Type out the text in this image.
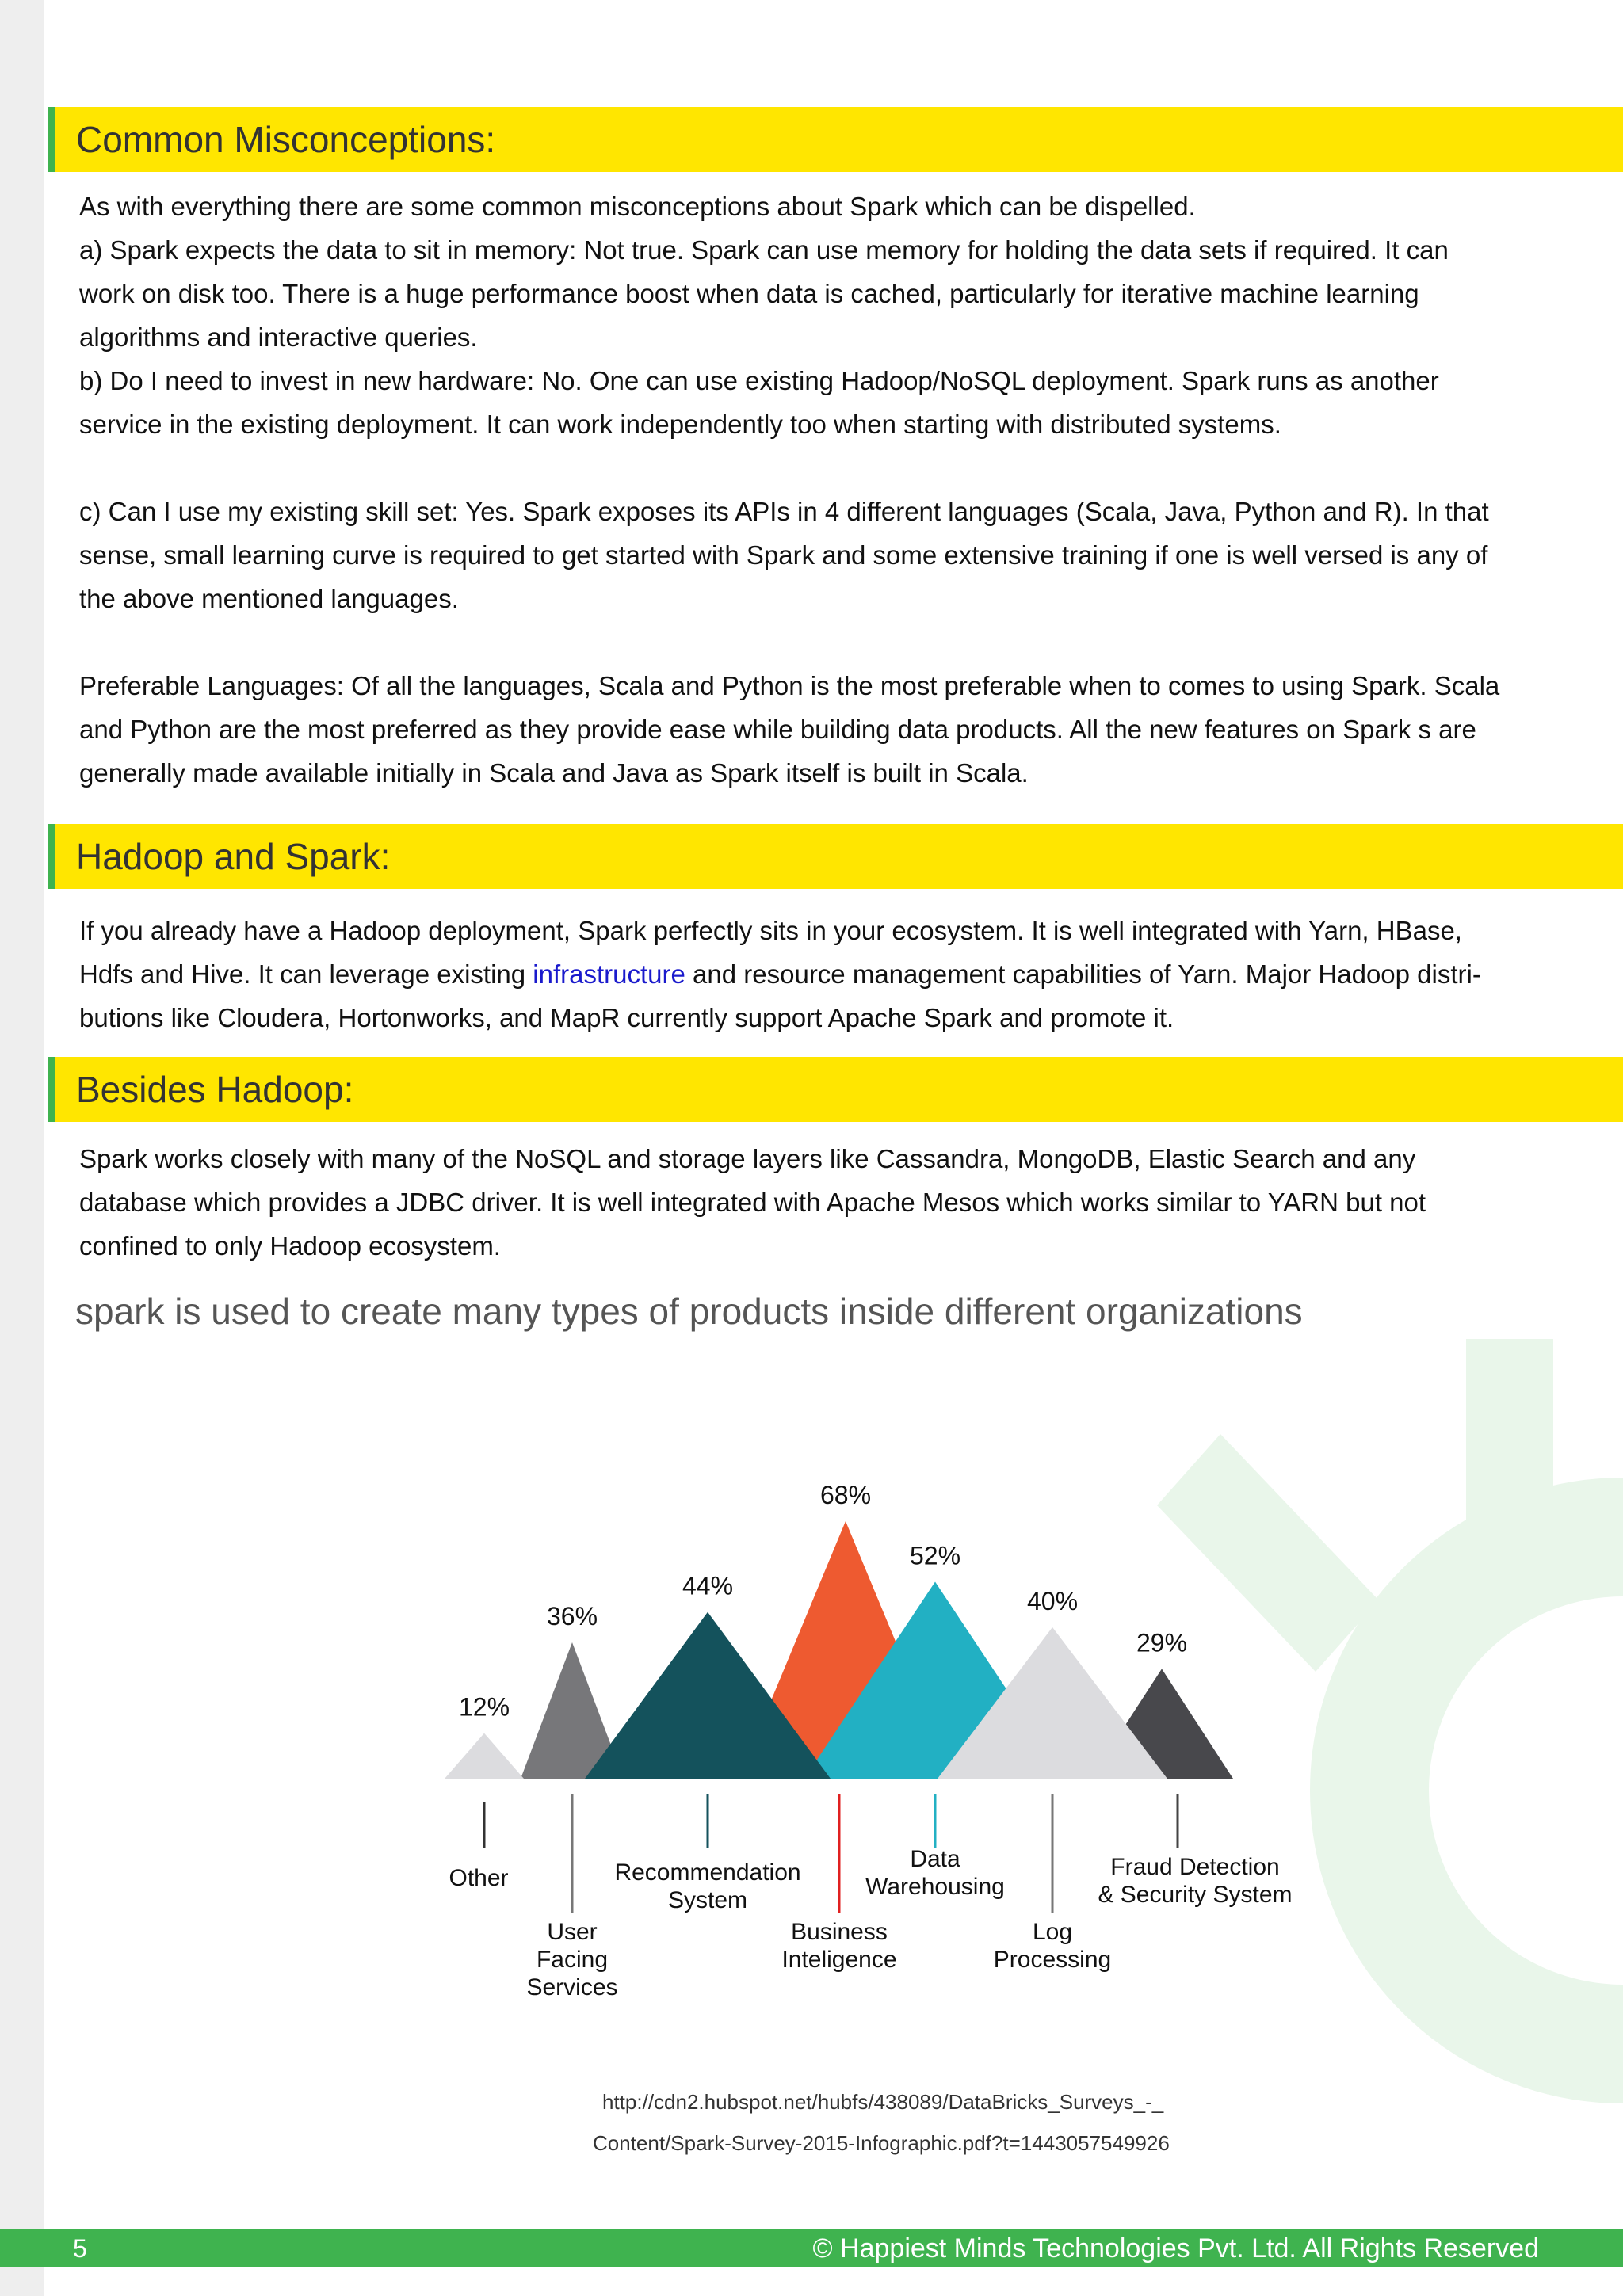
Common Misconceptions:

As with everything there are some common misconceptions about Spark which can be dispelled.

a) Spark expects the data to sit in memory: Not true. Spark can use memory for holding the data sets if required. It can

work on disk too. There is a huge performance boost when data is cached, particularly for iterative machine learning

algorithms and interactive queries.

b) Do I need to invest in new hardware: No. One can use existing Hadoop/NoSQL deployment. Spark runs as another

service in the existing deployment. It can work independently too when starting with distributed systems.

c) Can I use my existing skill set: Yes. Spark exposes its APIs in 4 different languages (Scala, Java, Python and R). In that

sense, small learning curve is required to get started with Spark and some extensive training if one is well versed is any of

the above mentioned languages.

Preferable Languages: Of all the languages, Scala and Python is the most preferable when to comes to using Spark. Scala

and Python are the most preferred as they provide ease while building data products. All the new features on Spark s are

generally made available initially in Scala and Java as Spark itself is built in Scala.

Hadoop and Spark:

If you already have a Hadoop deployment, Spark perfectly sits in your ecosystem. It is well integrated with Yarn, HBase,

Hdfs and Hive. It can leverage existing infrastructure and resource management capabilities of Yarn. Major Hadoop distri-

butions like Cloudera, Hortonworks, and MapR currently support Apache Spark and promote it.

Besides Hadoop:

Spark works closely with many of the NoSQL and storage layers like Cassandra, MongoDB, Elastic Search and any

database which provides a JDBC driver. It is well integrated with Apache Mesos which works similar to YARN but not

confined to only Hadoop ecosystem.

spark is used to create many types of products inside different organizations
12%
Other
36%
User
Facing
Services
44%
Recommendation
System
68%
Business
Inteligence
52%
Data
Warehousing
40%
Log
Processing
29%
Fraud Detection
& Security System
http://cdn2.hubspot.net/hubfs/438089/DataBricks_Surveys_-_
Content/Spark-Survey-2015-Infographic.pdf?t=1443057549926
5	© Happiest Minds Technologies Pvt. Ltd. All Rights Reserved
